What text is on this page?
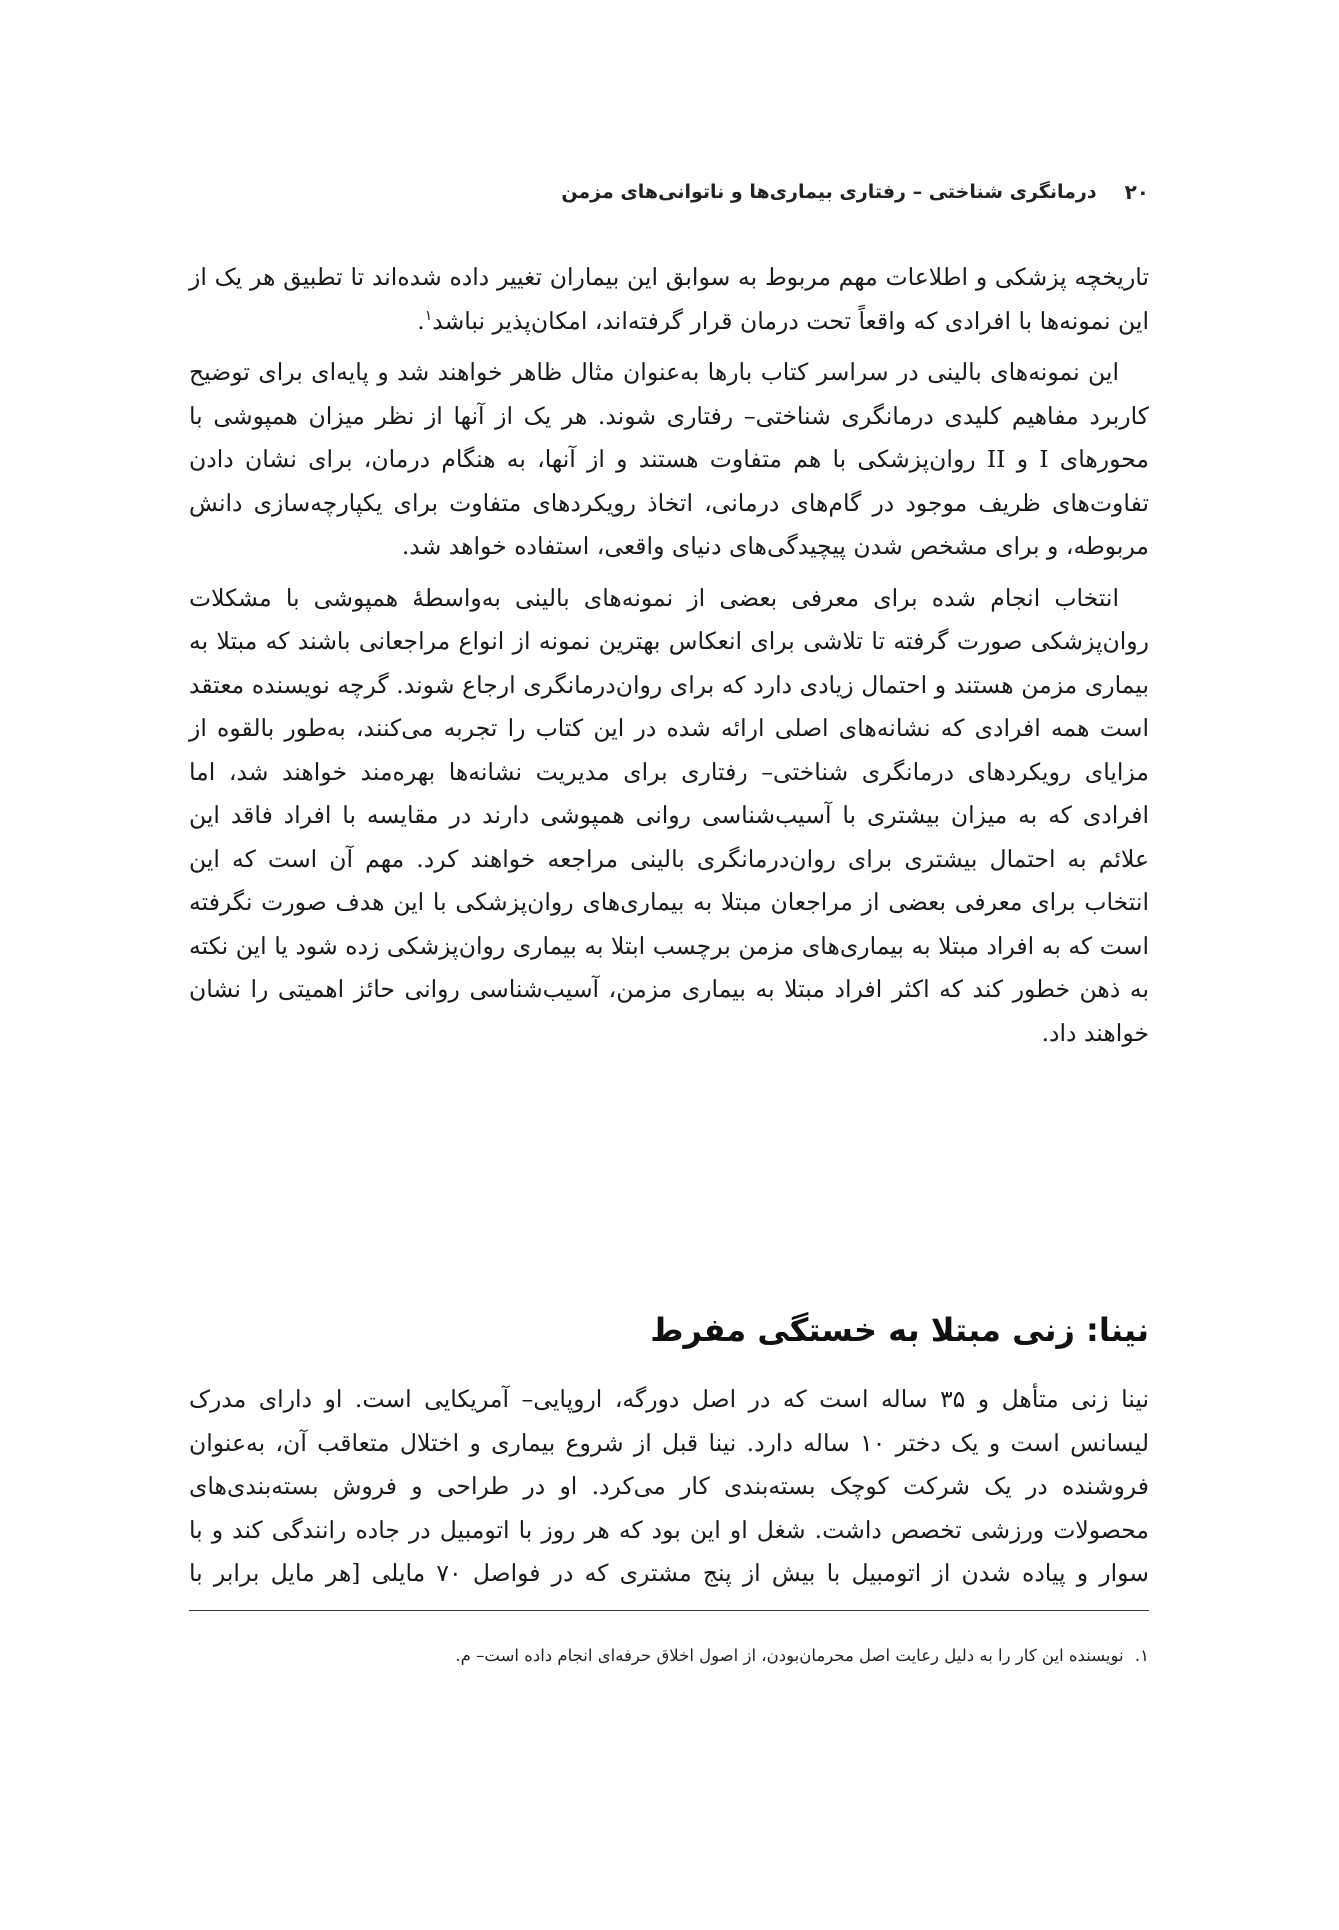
۲۰
درمانگری شناختی – رفتاری بیماری‌ها و ناتوانی‌های مزمن

تاریخچه پزشکی و اطلاعات مهم مربوط به سوابق این بیماران تغییر داده شده‌اند تا تطبیق هر یک از این نمونه‌ها با افرادی که واقعاً تحت درمان قرار گرفته‌اند، امکان‌پذیر نباشد$^۱$.

این نمونه‌های بالینی در سراسر کتاب بارها به‌عنوان مثال ظاهر خواهند شد و پایه‌ای برای توضیح کاربرد مفاهیم کلیدی درمانگری شناختی– رفتاری شوند. هر یک از آنها از نظر میزان همپوشی با محورهای I و II روان‌پزشکی با هم متفاوت هستند و از آنها، به هنگام درمان، برای نشان دادن تفاوت‌های ظریف موجود در گام‌های درمانی، اتخاذ رویکردهای متفاوت برای یکپارچه‌سازی دانش مربوطه، و برای مشخص شدن پیچیدگی‌های دنیای واقعی، استفاده خواهد شد.

انتخاب انجام شده برای معرفی بعضی از نمونه‌های بالینی به‌واسطهٔ همپوشی با مشکلات روان‌پزشکی صورت گرفته تا تلاشی برای انعکاس بهترین نمونه از انواع مراجعانی باشند که مبتلا به بیماری مزمن هستند و احتمال زیادی دارد که برای روان‌درمانگری ارجاع شوند. گرچه نویسنده معتقد است همه افرادی که نشانه‌های اصلی ارائه شده در این کتاب را تجربه می‌کنند، به‌طور بالقوه از مزایای رویکردهای درمانگری شناختی– رفتاری برای مدیریت نشانه‌ها بهره‌مند خواهند شد، اما افرادی که به میزان بیشتری با آسیب‌شناسی روانی همپوشی دارند در مقایسه با افراد فاقد این علائم به احتمال بیشتری برای روان‌درمانگری بالینی مراجعه خواهند کرد. مهم آن است که این انتخاب برای معرفی بعضی از مراجعان مبتلا به بیماری‌های روان‌پزشکی با این هدف صورت نگرفته است که به افراد مبتلا به بیماری‌های مزمن برچسب ابتلا به بیماری روان‌پزشکی زده شود یا این نکته به ذهن خطور کند که اکثر افراد مبتلا به بیماری مزمن، آسیب‌شناسی روانی حائز اهمیتی را نشان خواهند داد.

نینا: زنی مبتلا به خستگی مفرط

نینا زنی متأهل و ۳۵ ساله است که در اصل دورگه، اروپایی– آمریکایی است. او دارای مدرک لیسانس است و یک دختر ۱۰ ساله دارد. نینا قبل از شروع بیماری و اختلال متعاقب آن، به‌عنوان فروشنده در یک شرکت کوچک بسته‌بندی کار می‌کرد. او در طراحی و فروش بسته‌بندی‌های محصولات ورزشی تخصص داشت. شغل او این بود که هر روز با اتومبیل در جاده رانندگی کند و با سوار و پیاده شدن از اتومبیل با بیش از پنج مشتری که در فواصل ۷۰ مایلی [هر مایل برابر با

۱. نویسنده این کار را به دلیل رعایت اصل محرمان‌بودن، از اصول اخلاق حرفه‌ای انجام داده است– م.
